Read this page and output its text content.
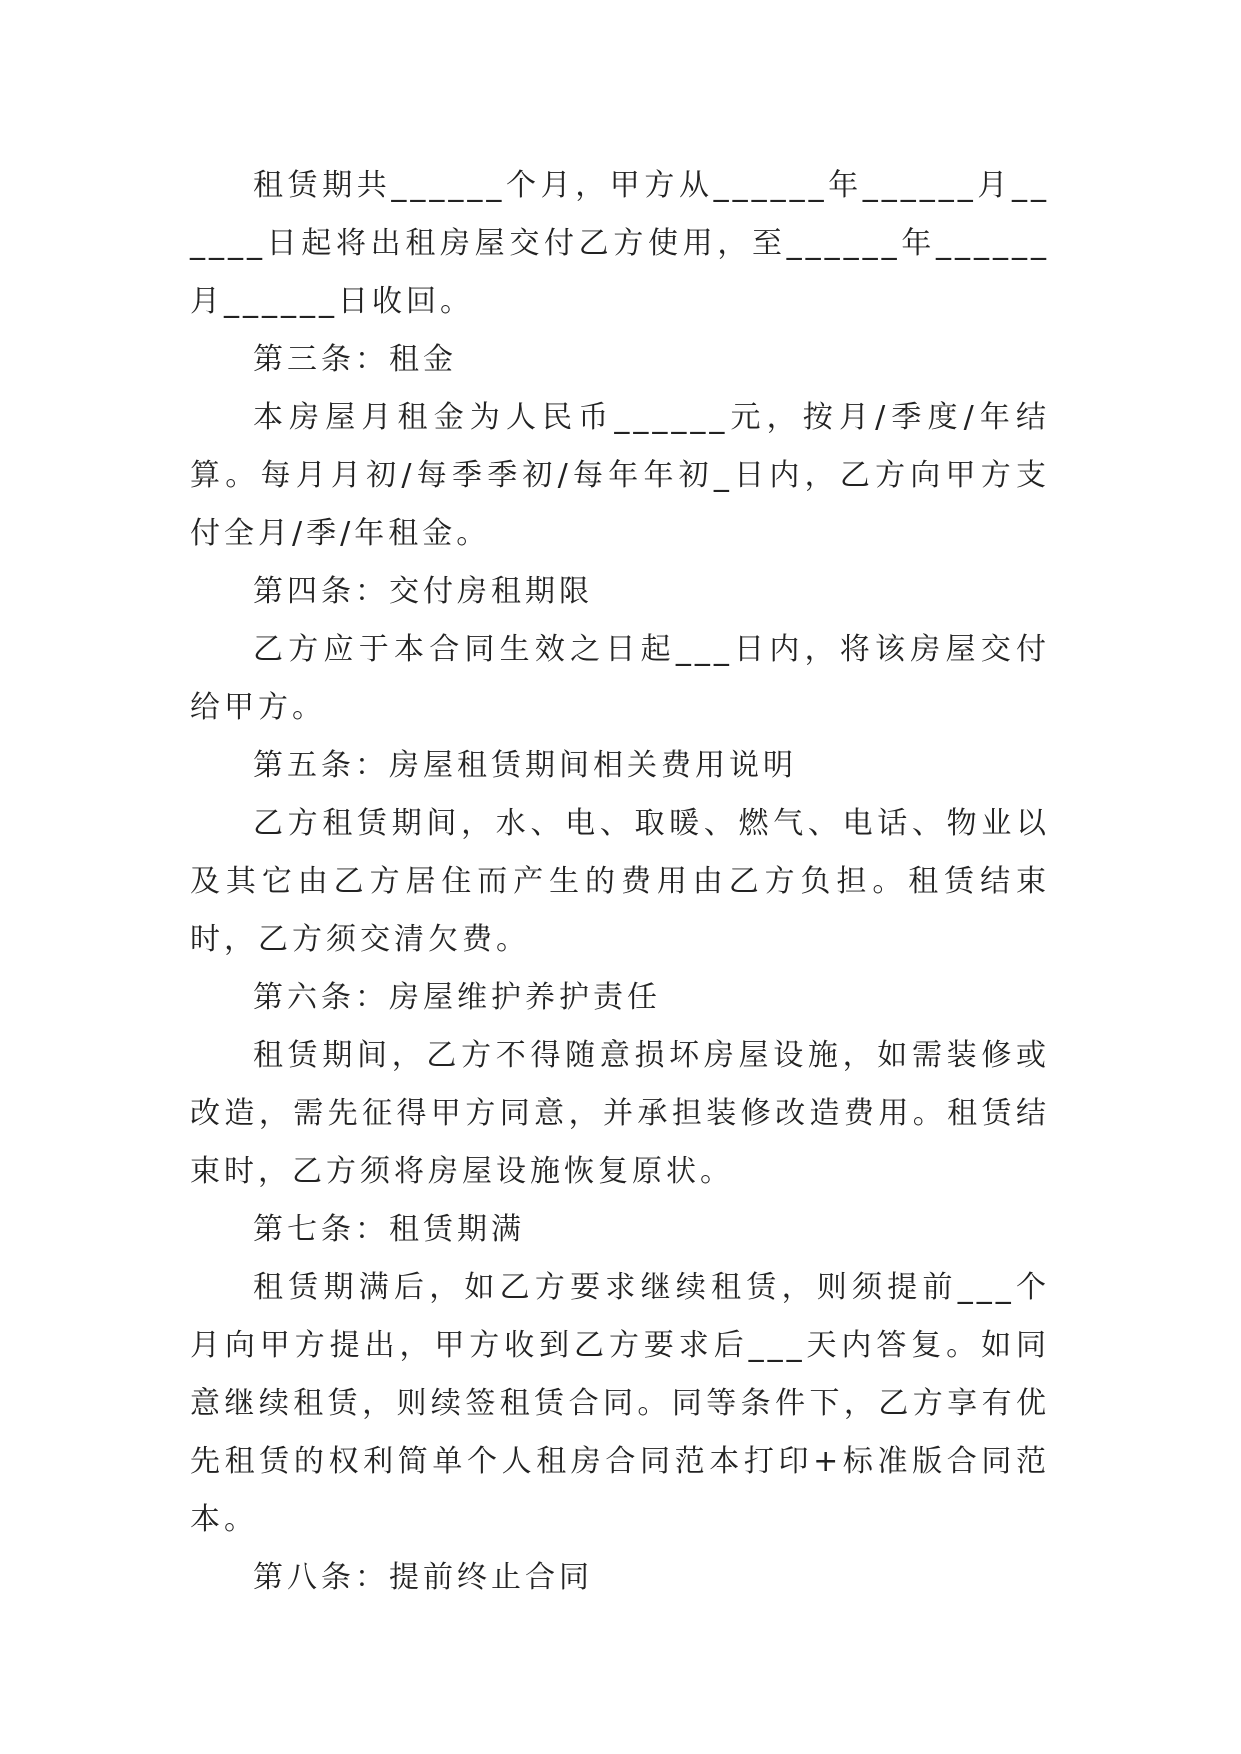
租赁期共______个月，甲方从______年______月______日起将出租房屋交付乙方使用，至______年______月______日收回。

第三条：租金

本房屋月租金为人民币______元，按月/季度/年结算。每月月初/每季季初/每年年初_日内，乙方向甲方支付全月/季/年租金。

第四条：交付房租期限

乙方应于本合同生效之日起___日内，将该房屋交付给甲方。

第五条：房屋租赁期间相关费用说明

乙方租赁期间，水、电、取暖、燃气、电话、物业以及其它由乙方居住而产生的费用由乙方负担。租赁结束时，乙方须交清欠费。

第六条：房屋维护养护责任

租赁期间，乙方不得随意损坏房屋设施，如需装修或改造，需先征得甲方同意，并承担装修改造费用。租赁结束时，乙方须将房屋设施恢复原状。

第七条：租赁期满

租赁期满后，如乙方要求继续租赁，则须提前___个月向甲方提出，甲方收到乙方要求后___天内答复。如同意继续租赁，则续签租赁合同。同等条件下，乙方享有优先租赁的权利简单个人租房合同范本打印+标准版合同范本。

第八条：提前终止合同
